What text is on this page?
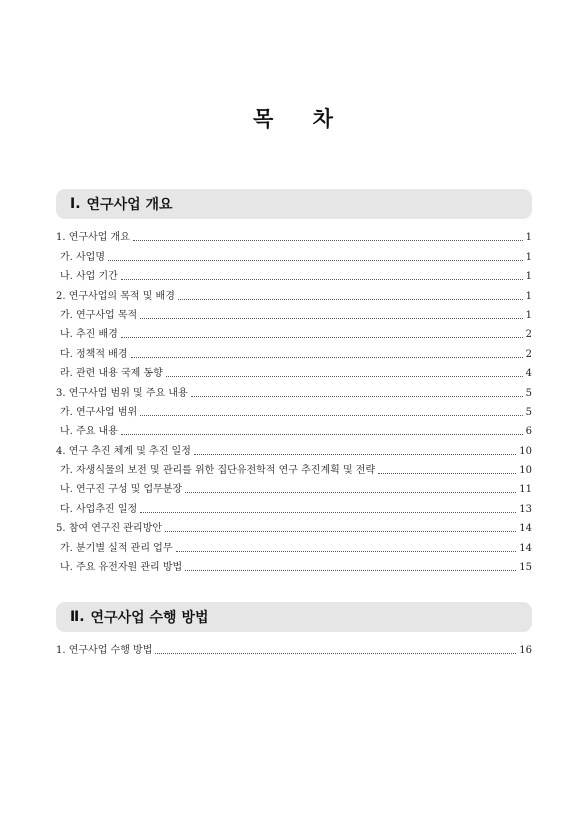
목 차
Ⅰ. 연구사업 개요
1. 연구사업 개요	1
가. 사업명	1
나. 사업 기간	1
2. 연구사업의 목적 및 배경	1
가. 연구사업 목적	1
나. 추진 배경	2
다. 정책적 배경	2
라. 관련 내용 국제 동향	4
3. 연구사업 범위 및 주요 내용	5
가. 연구사업 범위	5
나. 주요 내용	6
4. 연구 추진 체계 및 추진 일정	10
가. 자생식물의 보전 및 관리를 위한 집단유전학적 연구 추진계획 및 전략	10
나. 연구진 구성 및 업무분장	11
다. 사업추진 일정	13
5. 참여 연구진 관리방안	14
가. 분기별 실적 관리 업무	14
나. 주요 유전자원 관리 방법	15
Ⅱ. 연구사업 수행 방법
1. 연구사업 수행 방법	16
